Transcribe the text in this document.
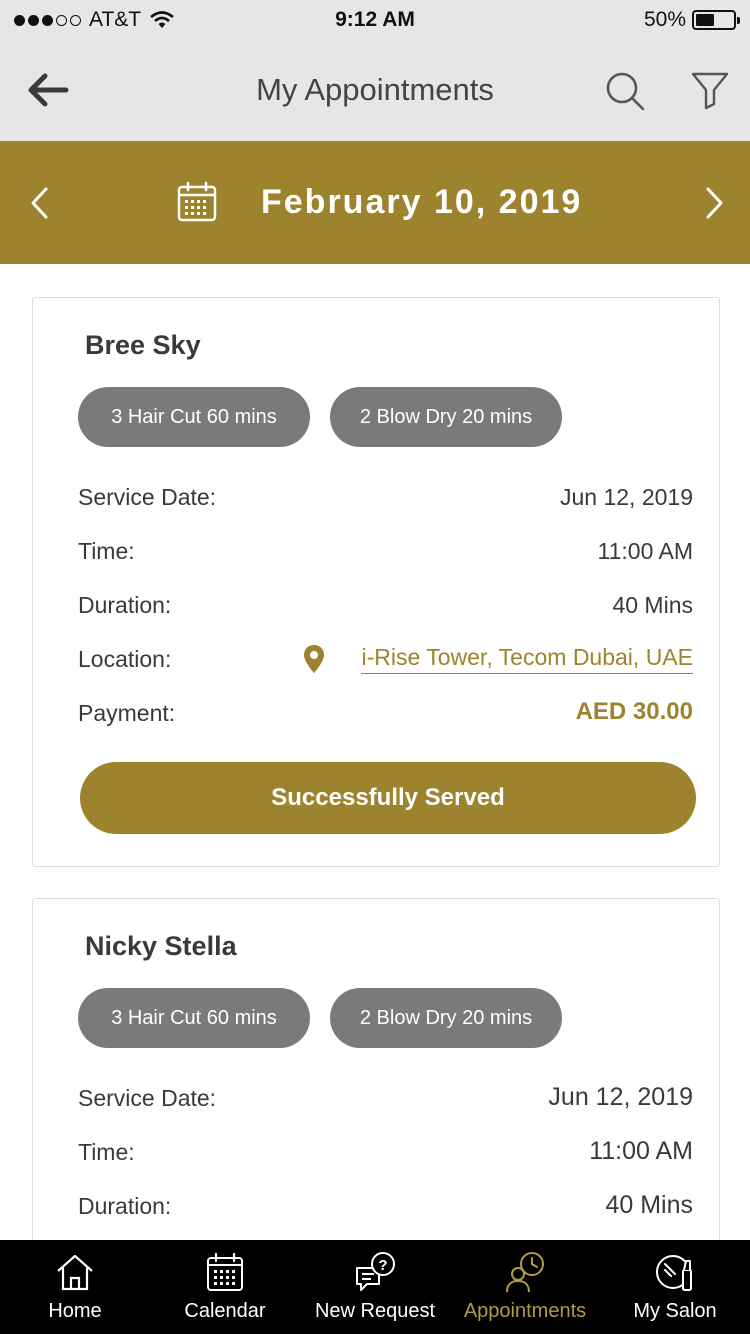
AT&T	9:12 AM	50%
My Appointments
February 10, 2019
Bree Sky
3 Hair Cut 60 mins	2 Blow Dry 20 mins
Service Date:	Jun 12, 2019
Time:	11:00 AM
Duration:	40 Mins
Location:	i-Rise Tower, Tecom Dubai, UAE
Payment:	AED 30.00
Successfully Served
Nicky Stella
3 Hair Cut 60 mins	2 Blow Dry 20 mins
Service Date:	Jun 12, 2019
Time:	11:00 AM
Duration:	40 Mins
Home	Calendar
?
New Request	Appointments	My Salon
